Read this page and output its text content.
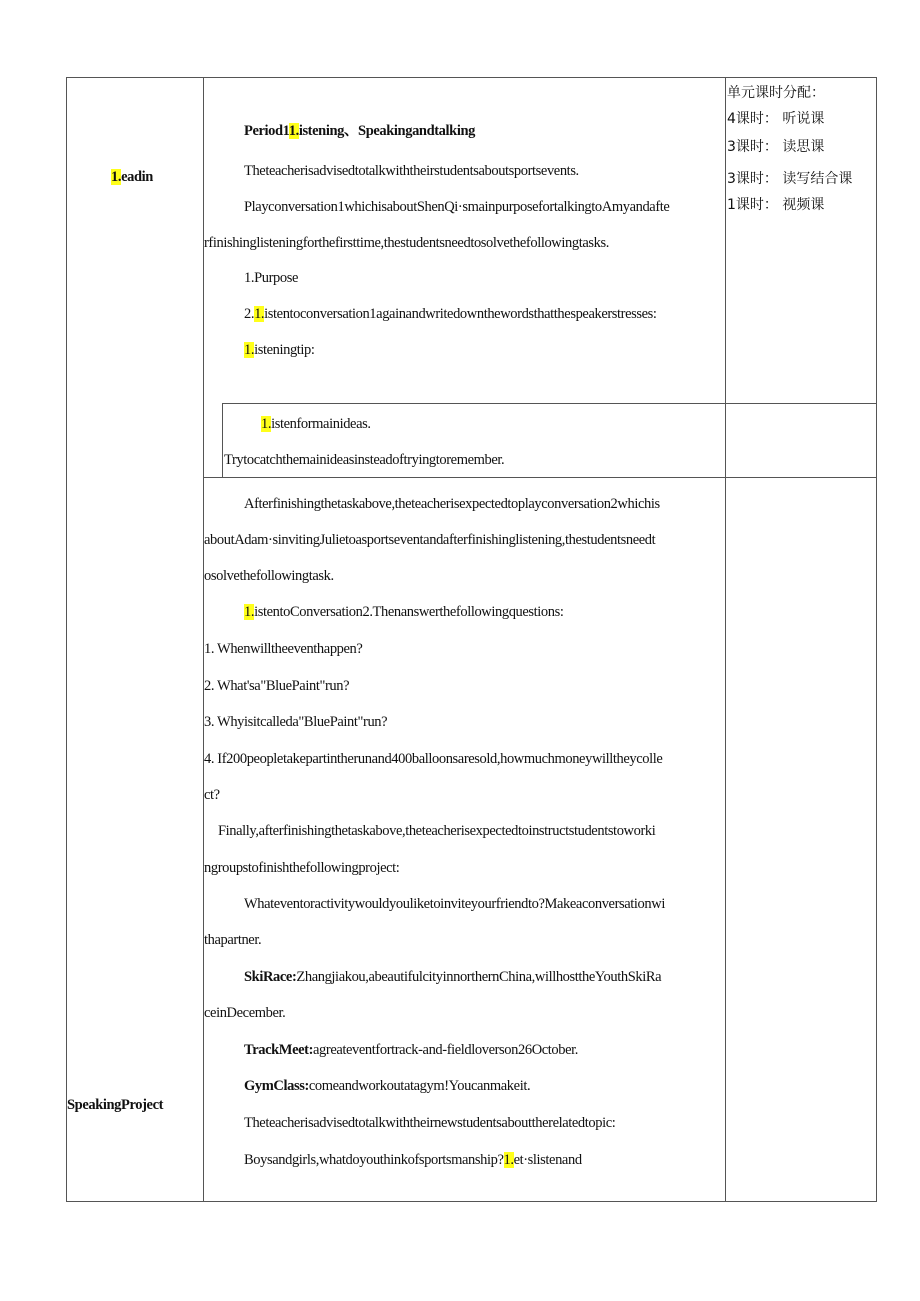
1.eadin
SpeakingProject
单元课时分配：
4课时： 听说课
3课时： 读思课
3课时： 读写结合课
1课时： 视频课
Period11.istening、Speakingandtalking
Theteacherisadvisedtotalkwiththeirstudentsaboutsportsevents.
Playconversation1whichisaboutShenQi·smainpurposefortalkingtoAmyandafte
rfinishinglisteningforthefirsttime,thestudentsneedtosolvethefollowingtasks.
1.Purpose
2.1.istentoconversation1againandwritedownthewordsthatthespeakerstresses:
1.isteningtip:
1.istenformainideas.
Trytocatchthemainideasinsteadoftryingtoremember.
Afterfinishingthetaskabove,theteacherisexpectedtoplayconversation2whichis
aboutAdam·sinvitingJulietoasportseventandafterfinishinglistening,thestudentsneedt
osolvethefollowingtask.
1.istentoConversation2.Thenanswerthefollowingquestions:
1. Whenwilltheeventhappen?
2. What'sa"BluePaint"run?
3. Whyisitcalleda"BluePaint"run?
4. If200peopletakepartintherunand400balloonsaresold,howmuchmoneywilltheycolle
ct?
Finally,afterfinishingthetaskabove,theteacherisexpectedtoinstructstudentstoworki
ngroupstofinishthefollowingproject:
Whateventoractivitywouldyouliketoinviteyourfriendto?Makeaconversationwi
thapartner.
SkiRace:Zhangjiakou,abeautifulcityinnorthernChina,willhosttheYouthSkiRa
ceinDecember.
TrackMeet:agreateventfortrack-and-fieldloverson26October.
GymClass:comeandworkoutatagym!Youcanmakeit.
Theteacherisadvisedtotalkwiththeirnewstudentsabouttherelatedtopic:
Boysandgirls,whatdoyouthinkofsportsmanship?1.et·slistenand
